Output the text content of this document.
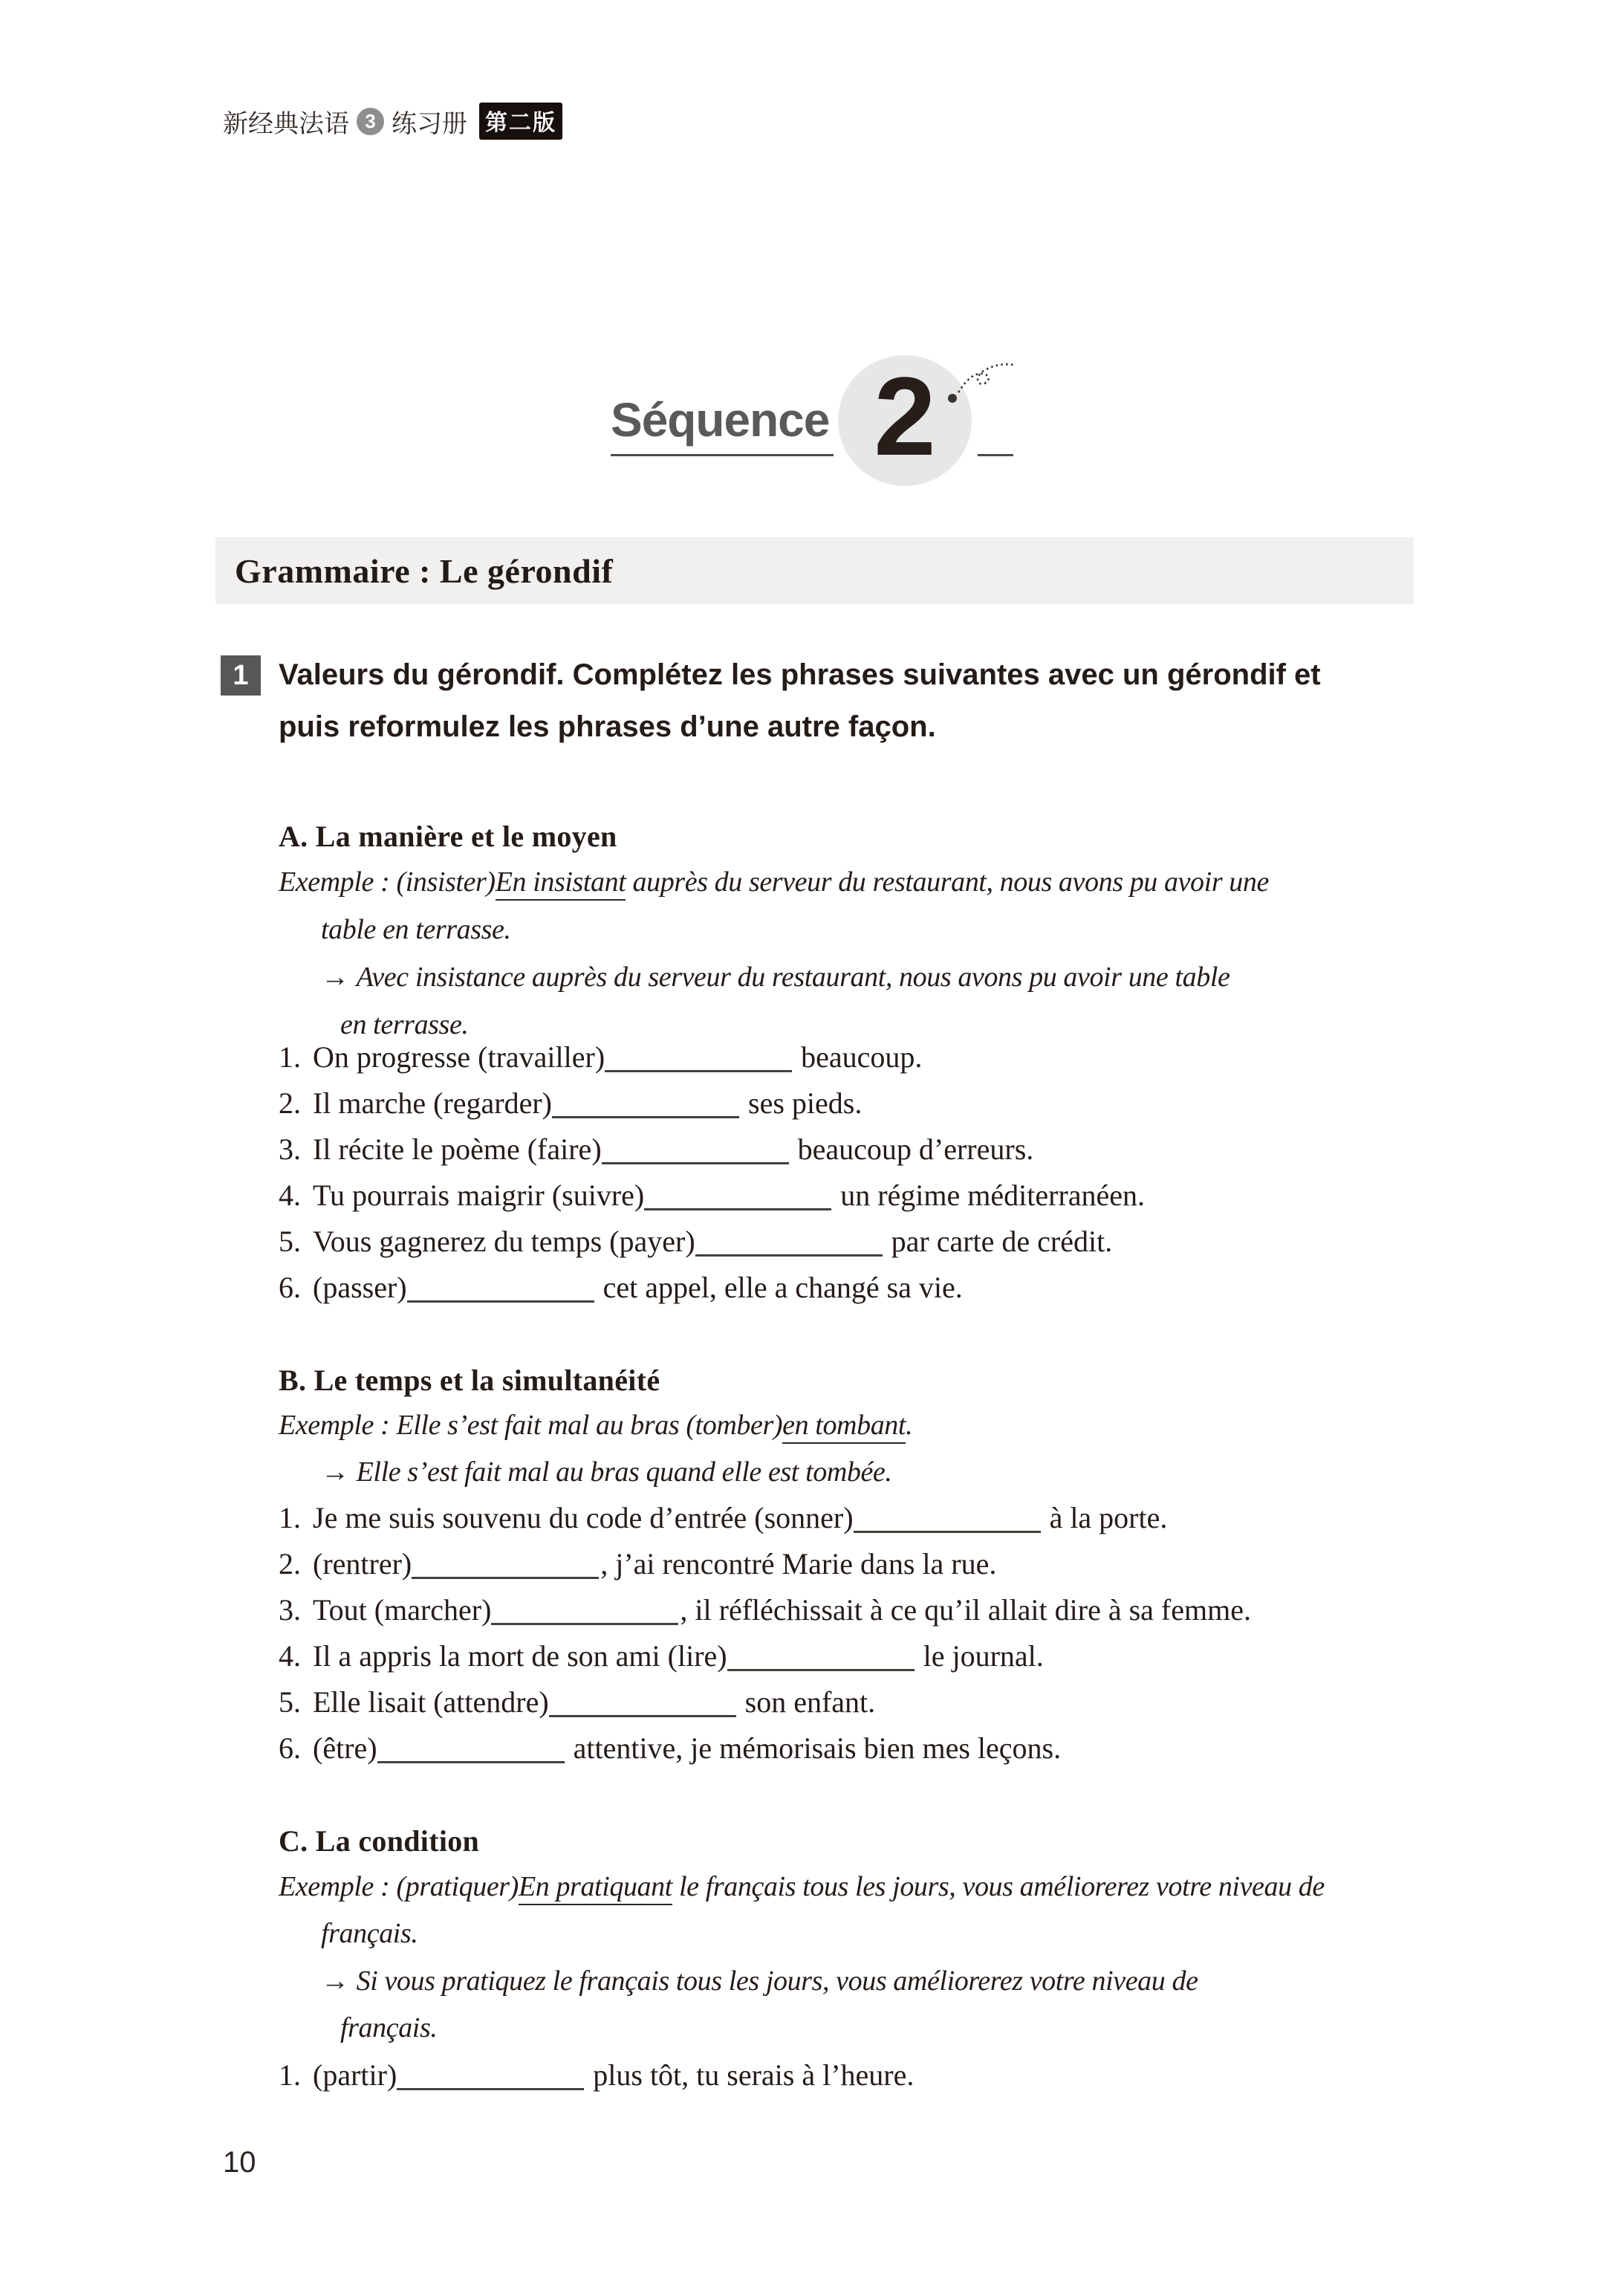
新经典法语 3 练习册 第二版
Séquence 2
Grammaire : Le gérondif
1	Valeurs du gérondif. Complétez les phrases suivantes avec un gérondif et
puis reformulez les phrases d’une autre façon.
A. La manière et le moyen
Exemple : (insister)En insistant auprès du serveur du restaurant, nous avons pu avoir une
table en terrasse.
→ Avec insistance auprès du serveur du restaurant, nous avons pu avoir une table
en terrasse.
1. On progresse (travailler)	beaucoup.
2. Il marche (regarder)	ses pieds.
3. Il récite le poème (faire)	beaucoup d’erreurs.
4. Tu pourrais maigrir (suivre)	un régime méditerranéen.
5. Vous gagnerez du temps (payer)	par carte de crédit.
6. (passer)	cet appel, elle a changé sa vie.
B. Le temps et la simultanéité
Exemple : Elle s’est fait mal au bras (tomber)en tombant.
→ Elle s’est fait mal au bras quand elle est tombée.
1. Je me suis souvenu du code d’entrée (sonner)	à la porte.
2. (rentrer)	, j’ai rencontré Marie dans la rue.
3. Tout (marcher)	, il réfléchissait à ce qu’il allait dire à sa femme.
4. Il a appris la mort de son ami (lire)	le journal.
5. Elle lisait (attendre)	son enfant.
6. (être)	attentive, je mémorisais bien mes leçons.
C. La condition
Exemple : (pratiquer)En pratiquant le français tous les jours, vous améliorerez votre niveau de
français.
→ Si vous pratiquez le français tous les jours, vous améliorerez votre niveau de
français.
1. (partir)	plus tôt, tu serais à l’heure.
10
